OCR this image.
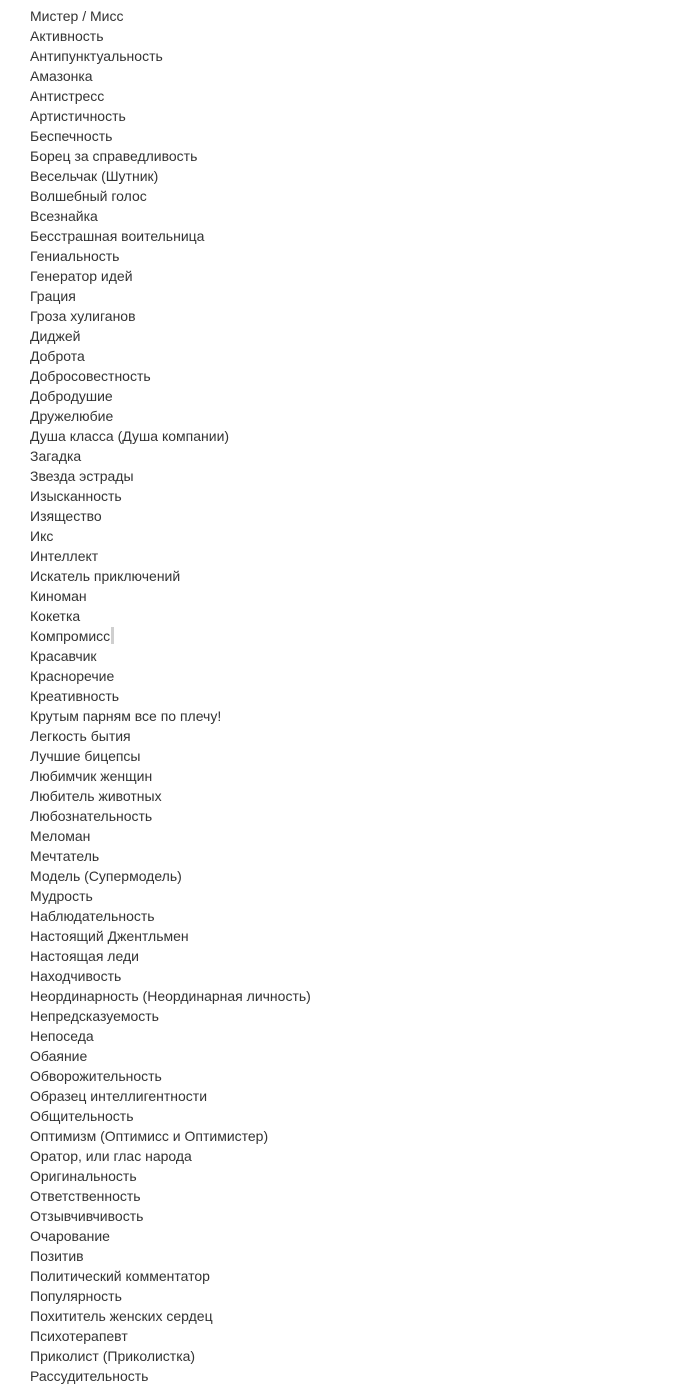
Мистер / Мисс
Активность
Антипунктуальность
Амазонка
Антистресс
Артистичность
Беспечность
Борец за справедливость
Весельчак (Шутник)
Волшебный голос
Всезнайка
Бесстрашная воительница
Гениальность
Генератор идей
Грация
Гроза хулиганов
Диджей
Доброта
Добросовестность
Добродушие
Дружелюбие
Душа класса (Душа компании)
Загадка
Звезда эстрады
Изысканность
Изящество
Икс
Интеллект
Искатель приключений
Киноман
Кокетка
Компромисс
Красавчик
Красноречие
Креативность
Крутым парням все по плечу!
Легкость бытия
Лучшие бицепсы
Любимчик женщин
Любитель животных
Любознательность
Меломан
Мечтатель
Модель (Супермодель)
Мудрость
Наблюдательность
Настоящий Джентльмен
Настоящая леди
Находчивость
Неординарность (Неординарная личность)
Непредсказуемость
Непоседа
Обаяние
Обворожительность
Образец интеллигентности
Общительность
Оптимизм (Оптимисс и Оптимистер)
Оратор, или глас народа
Оригинальность
Ответственность
Отзывчивчивость
Очарование
Позитив
Политический комментатор
Популярность
Похититель женских сердец
Психотерапевт
Приколист (Приколистка)
Рассудительность
